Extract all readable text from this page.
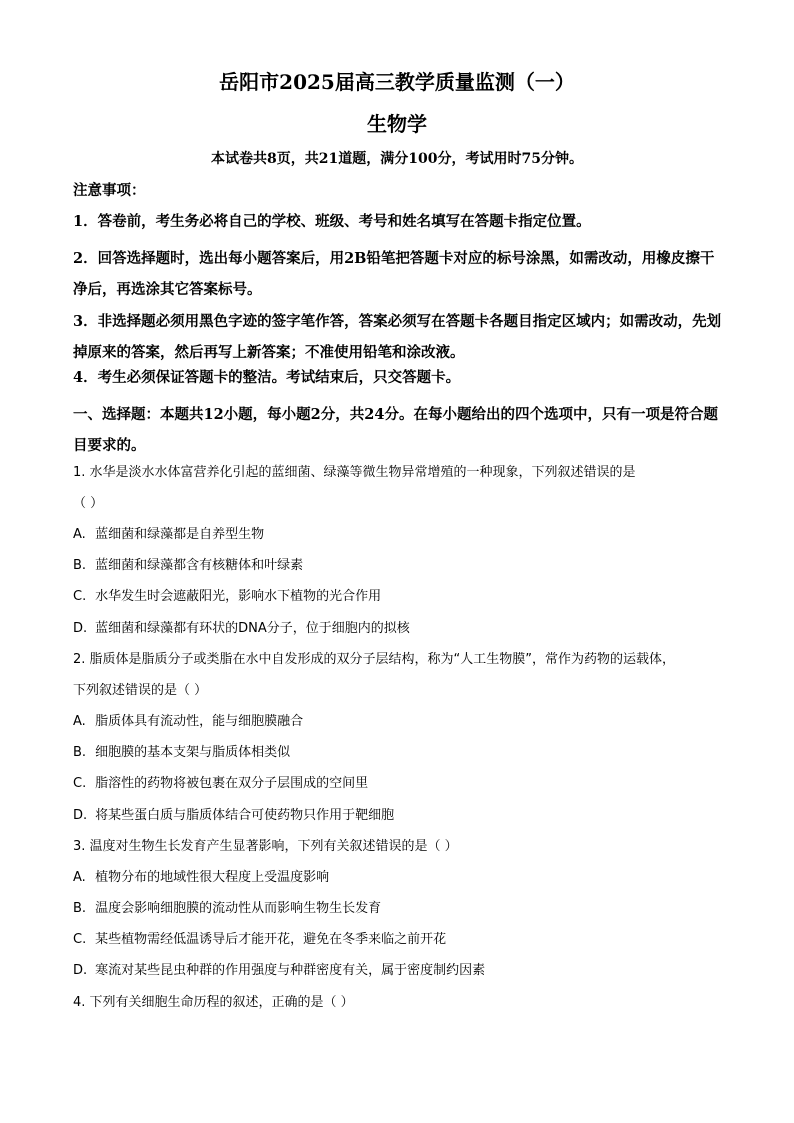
岳阳市2025届高三教学质量监测（一）
生物学
本试卷共8页，共21道题，满分100分，考试用时75分钟。

注意事项：

1．答卷前，考生务必将自己的学校、班级、考号和姓名填写在答题卡指定位置。

2．回答选择题时，选出每小题答案后，用2B铅笔把答题卡对应的标号涂黑，如需改动，用橡皮擦干净后，再选涂其它答案标号。

3．非选择题必须用黑色字迹的签字笔作答，答案必须写在答题卡各题目指定区域内；如需改动，先划掉原来的答案，然后再写上新答案；不准使用铅笔和涂改液。

4．考生必须保证答题卡的整洁。考试结束后，只交答题卡。

一、选择题：本题共12小题，每小题2分，共24分。在每小题给出的四个选项中，只有一项是符合题目要求的。

1. 水华是淡水水体富营养化引起的蓝细菌、绿藻等微生物异常增殖的一种现象，下列叙述错误的是

（ ）

A. 蓝细菌和绿藻都是自养型生物

B. 蓝细菌和绿藻都含有核糖体和叶绿素

C. 水华发生时会遮蔽阳光，影响水下植物的光合作用

D. 蓝细菌和绿藻都有环状的DNA分子，位于细胞内的拟核

2. 脂质体是脂质分子或类脂在水中自发形成的双分子层结构，称为“人工生物膜”，常作为药物的运载体，

下列叙述错误的是（ ）

A. 脂质体具有流动性，能与细胞膜融合

B. 细胞膜的基本支架与脂质体相类似

C. 脂溶性的药物将被包裹在双分子层围成的空间里

D. 将某些蛋白质与脂质体结合可使药物只作用于靶细胞

3. 温度对生物生长发育产生显著影响，下列有关叙述错误的是（ ）

A. 植物分布的地域性很大程度上受温度影响

B. 温度会影响细胞膜的流动性从而影响生物生长发育

C. 某些植物需经低温诱导后才能开花，避免在冬季来临之前开花

D. 寒流对某些昆虫种群的作用强度与种群密度有关，属于密度制约因素

4. 下列有关细胞生命历程的叙述，正确的是（ ）
